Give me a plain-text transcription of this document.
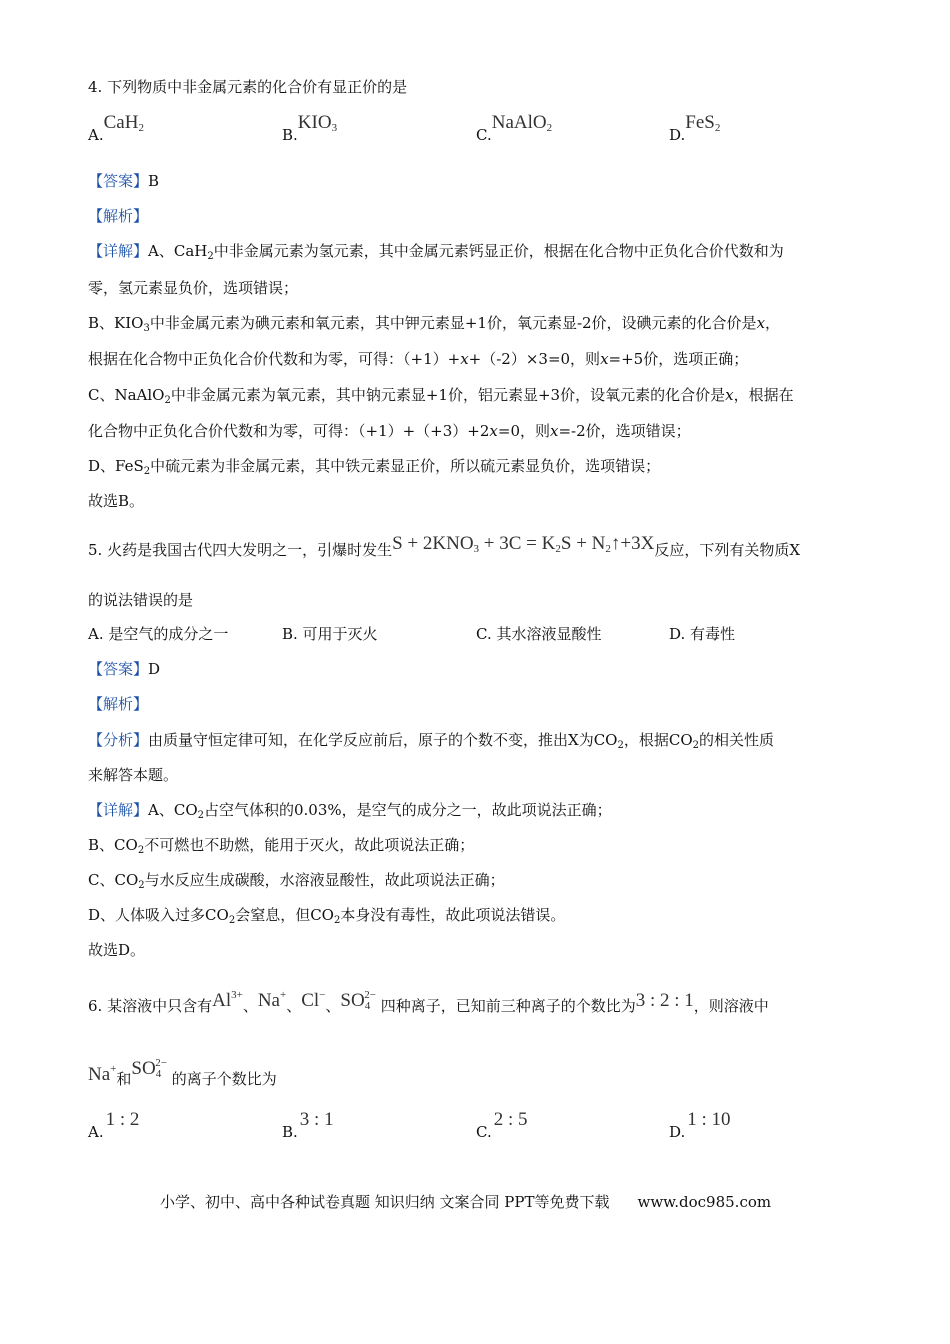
4. 下列物质中非金属元素的化合价有显正价的是
A.CaH$_2$	$B.KIO_3$	C.NaAlO$_2$	D.FeS$_2$
【答案】B
【解析】
【详解】A、CaH$_2$中非金属元素为氢元素，其中金属元素钙显正价，根据在化合物中正负化合价代数和为
零，氢元素显负价，选项错误；
B、$KIO_3$中非金属元素为碘元素和氧元素，其中钾元素显+1价，氧元素显-2价，设碘元素的化合价是x，
根据在化合物中正负化合价代数和为零，可得：（+1）+x+（-2）×3=0，则x=+5价，选项正确；
C、NaAlO$_2$中非金属元素为氧元素，其中钠元素显+1价，铝元素显+3价，设氧元素的化合价是x，根据在
化合物中正负化合价代数和为零，可得：（+1）+（+3）+2x=0，则x=-2价，选项错误；
D、FeS$_2$中硫元素为非金属元素，其中铁元素显正价，所以硫元素显负价，选项错误；
故选B。
5. 火药是我国古代四大发明之一，引爆时发生$S + 2KNO_3 + 3C = K_2S$ + $N_2↑+3X$反应，下列有关物质X
的说法错误的是
A. 是空气的成分之一	B. 可用于灭火	C. 其水溶液显酸性	D. 有毒性
【答案】D
【解析】
【分析】由质量守恒定律可知，在化学反应前后，原子的个数不变，推出X为$CO_2$，根据$CO_2$的相关性质
来解答本题。
【详解】A、$CO_2$占空气体积的0.03%，是空气的成分之一，故此项说法正确；
B、$CO_2$不可燃也不助燃，能用于灭火，故此项说法正确；
C、$CO_2$与水反应生成碳酸，水溶液显酸性，故此项说法正确；
D、人体吸入过多$CO_2$会窒息，但$CO_2$本身没有毒性，故此项说法错误。
故选D。
6. 某溶液中只含有$Al^{3+}$、Na+、Cl−、$SO_4^{2-}$ 四种离子，已知前三种离子的个数比为3 : 2 : 1，则溶液中
Na+和$SO_4^{2-}$ 的离子个数比为
A.1 : 2
B.3 : 1
C.2 : 5
D.1 : 10
小学、初中、高中各种试卷真题 知识归纳 文案合同 PPT等免费下载 www.doc985.com
